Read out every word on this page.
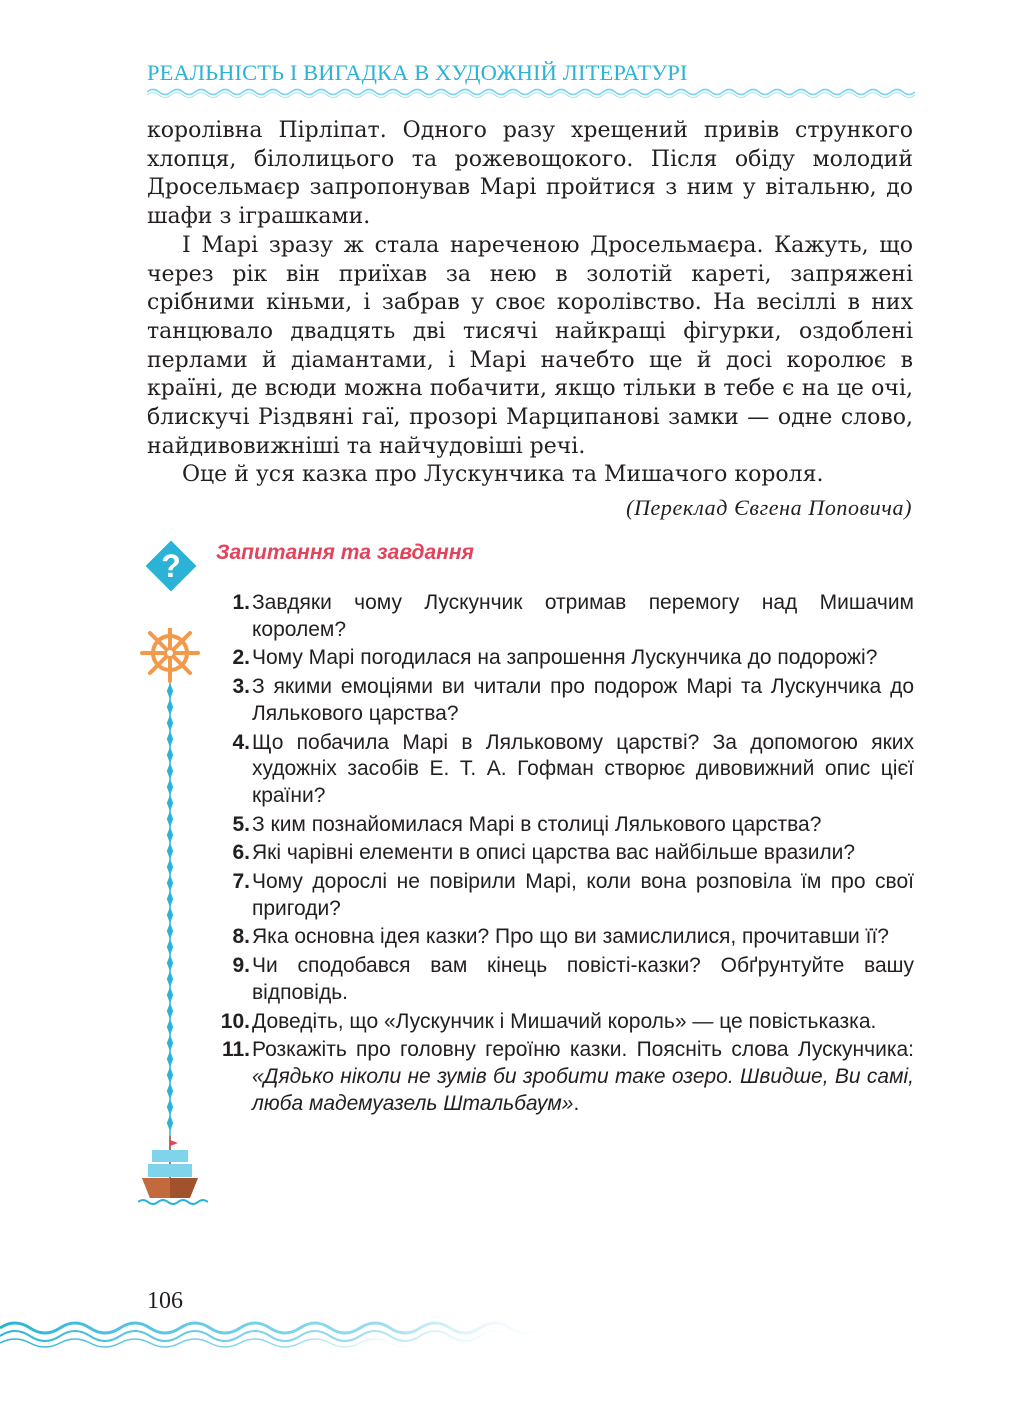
РЕАЛЬНІСТЬ І ВИГАДКА В ХУДОЖНІЙ ЛІТЕРАТУРІ

королівна Пірліпат. Одного разу хрещений привів стрункого хлопця, білолицього та рожевощокого. Після обіду молодий Дросельмаєр запропонував Марі пройтися з ним у вітальню, до шафи з іграшками.

І Марі зразу ж стала нареченою Дросельмаєра. Кажуть, що через рік він приїхав за нею в золотій кареті, запряжені срібними кіньми, і забрав у своє королівство. На весіллі в них танцювало двадцять дві тисячі найкращі фігурки, оздоблені перлами й діамантами, і Марі начебто ще й досі королює в країні, де всюди можна побачити, якщо тільки в тебе є на це очі, блискучі Різдвяні гаї, прозорі Марципанові замки — одне слово, найдивовижніші та найчудовіші речі.

Оце й уся казка про Лускунчика та Мишачого короля.

(Переклад Євгена Поповича)
? Запитання та завдання
1. Завдяки чому Лускунчик отримав перемогу над Мишачим королем?
2. Чому Марі погодилася на запрошення Лускунчика до подорожі?
3. З якими емоціями ви читали про подорож Марі та Лускунчика до Лялькового царства?
4. Що побачила Марі в Ляльковому царстві? За допомогою яких художніх засобів Е. Т. А. Гофман створює дивовижний опис цієї країни?
5. З ким познайомилася Марі в столиці Лялькового царства?
6. Які чарівні елементи в описі царства вас найбільше вразили?
7. Чому дорослі не повірили Марі, коли вона розповіла їм про свої пригоди?
8. Яка основна ідея казки? Про що ви замислилися, прочитавши її?
9. Чи сподобався вам кінець повісті-казки? Обґрунтуйте вашу відповідь.
10. Доведіть, що «Лускунчик і Мишачий король» — це повістьказка.
11. Розкажіть про головну героїню казки. Поясніть слова Лускунчика: «Дядько ніколи не зумів би зробити таке озеро. Швидше, Ви самі, люба мадемуазель Штальбаум».
106
